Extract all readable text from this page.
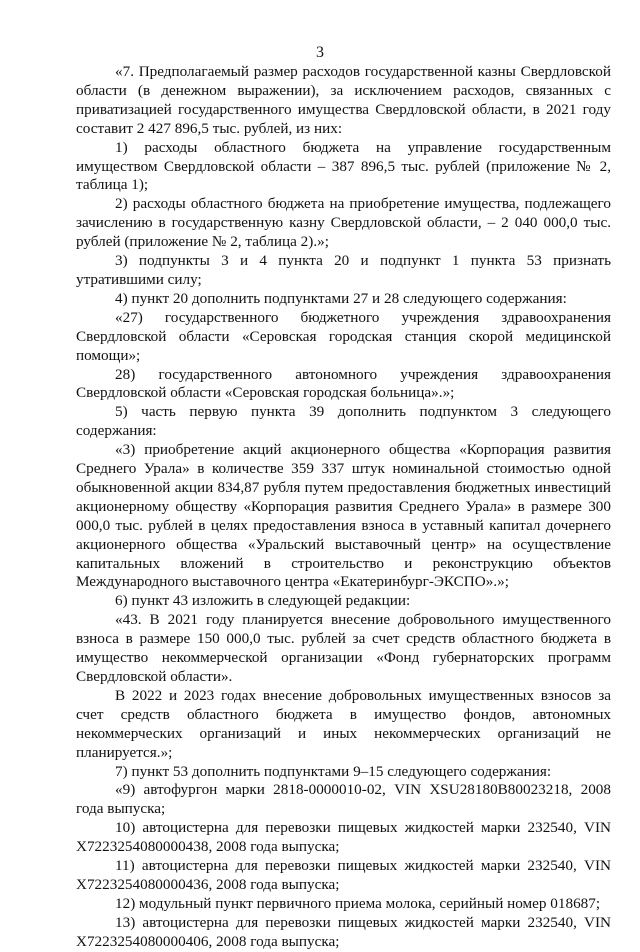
3

«7. Предполагаемый размер расходов государственной казны Свердловской области (в денежном выражении), за исключением расходов, связанных с приватизацией государственного имущества Свердловской области, в 2021 году составит 2 427 896,5 тыс. рублей, из них:

1) расходы областного бюджета на управление государственным имуществом Свердловской области – 387 896,5 тыс. рублей (приложение № 2, таблица 1);

2) расходы областного бюджета на приобретение имущества, подлежащего зачислению в государственную казну Свердловской области, – 2 040 000,0 тыс. рублей (приложение № 2, таблица 2).»;

3) подпункты 3 и 4 пункта 20 и подпункт 1 пункта 53 признать утратившими силу;

4) пункт 20 дополнить подпунктами 27 и 28 следующего содержания:

«27) государственного бюджетного учреждения здравоохранения Свердловской области «Серовская городская станция скорой медицинской помощи»;

28) государственного автономного учреждения здравоохранения Свердловской области «Серовская городская больница».»;

5) часть первую пункта 39 дополнить подпунктом 3 следующего содержания:

«3) приобретение акций акционерного общества «Корпорация развития Среднего Урала» в количестве 359 337 штук номинальной стоимостью одной обыкновенной акции 834,87 рубля путем предоставления бюджетных инвестиций акционерному обществу «Корпорация развития Среднего Урала» в размере 300 000,0 тыс. рублей в целях предоставления взноса в уставный капитал дочернего акционерного общества «Уральский выставочный центр» на осуществление капитальных вложений в строительство и реконструкцию объектов Международного выставочного центра «Екатеринбург-ЭКСПО».»;

6) пункт 43 изложить в следующей редакции:

«43. В 2021 году планируется внесение добровольного имущественного взноса в размере 150 000,0 тыс. рублей за счет средств областного бюджета в имущество некоммерческой организации «Фонд губернаторских программ Свердловской области».

В 2022 и 2023 годах внесение добровольных имущественных взносов за счет средств областного бюджета в имущество фондов, автономных некоммерческих организаций и иных некоммерческих организаций не планируется.»;

7) пункт 53 дополнить подпунктами 9–15 следующего содержания:

«9) автофургон марки 2818-0000010-02, VIN XSU28180B80023218, 2008 года выпуска;

10) автоцистерна для перевозки пищевых жидкостей марки 232540, VIN X7223254080000438, 2008 года выпуска;

11) автоцистерна для перевозки пищевых жидкостей марки 232540, VIN X7223254080000436, 2008 года выпуска;

12) модульный пункт первичного приема молока, серийный номер 018687;

13) автоцистерна для перевозки пищевых жидкостей марки 232540, VIN X7223254080000406, 2008 года выпуска;
